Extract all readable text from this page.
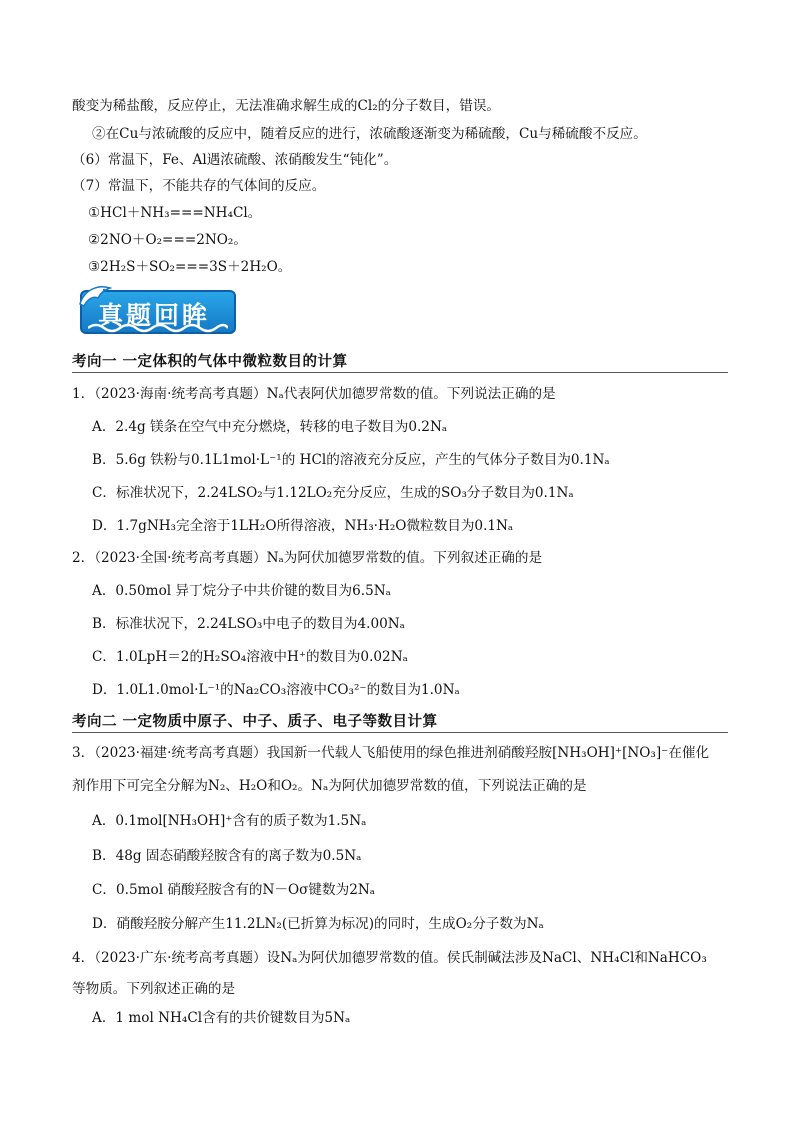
酸变为稀盐酸，反应停止，无法准确求解生成的Cl₂的分子数目，错误。
②在Cu与浓硫酸的反应中，随着反应的进行，浓硫酸逐渐变为稀硫酸，Cu与稀硫酸不反应。
（6）常温下，Fe、Al遇浓硫酸、浓硝酸发生“钝化”。
（7）常温下，不能共存的气体间的反应。
①HCl＋NH₃===NH₄Cl。
②2NO＋O₂===2NO₂。
③2H₂S＋SO₂===3S＋2H₂O。
真题回眸
考向一 一定体积的气体中微粒数目的计算
1．（2023·海南·统考高考真题）Nₐ代表阿伏加德罗常数的值。下列说法正确的是
A．2.4g 镁条在空气中充分燃烧，转移的电子数目为0.2Nₐ
B．5.6g 铁粉与0.1L1mol·L⁻¹的 HCl的溶液充分反应，产生的气体分子数目为0.1Nₐ
C．标准状况下，2.24LSO₂与1.12LO₂充分反应，生成的SO₃分子数目为0.1Nₐ
D．1.7gNH₃完全溶于1LH₂O所得溶液，NH₃·H₂O微粒数目为0.1Nₐ
2．（2023·全国·统考高考真题）Nₐ为阿伏加德罗常数的值。下列叙述正确的是
A．0.50mol 异丁烷分子中共价键的数目为6.5Nₐ
B．标准状况下，2.24LSO₃中电子的数目为4.00Nₐ
C．1.0LpH＝2的H₂SO₄溶液中H⁺的数目为0.02Nₐ
D．1.0L1.0mol·L⁻¹的Na₂CO₃溶液中CO₃²⁻的数目为1.0Nₐ
考向二 一定物质中原子、中子、质子、电子等数目计算
3．（2023·福建·统考高考真题）我国新一代载人飞船使用的绿色推进剂硝酸羟胺[NH₃OH]⁺[NO₃]⁻在催化
剂作用下可完全分解为N₂、H₂O和O₂。Nₐ为阿伏加德罗常数的值，下列说法正确的是
A．0.1mol[NH₃OH]⁺含有的质子数为1.5Nₐ
B．48g 固态硝酸羟胺含有的离子数为0.5Nₐ
C．0.5mol 硝酸羟胺含有的N－Oσ键数为2Nₐ
D．硝酸羟胺分解产生11.2LN₂(已折算为标况)的同时，生成O₂分子数为Nₐ
4．（2023·广东·统考高考真题）设Nₐ为阿伏加德罗常数的值。侯氏制碱法涉及NaCl、NH₄Cl和NaHCO₃
等物质。下列叙述正确的是
A．1 mol NH₄Cl含有的共价键数目为5Nₐ
